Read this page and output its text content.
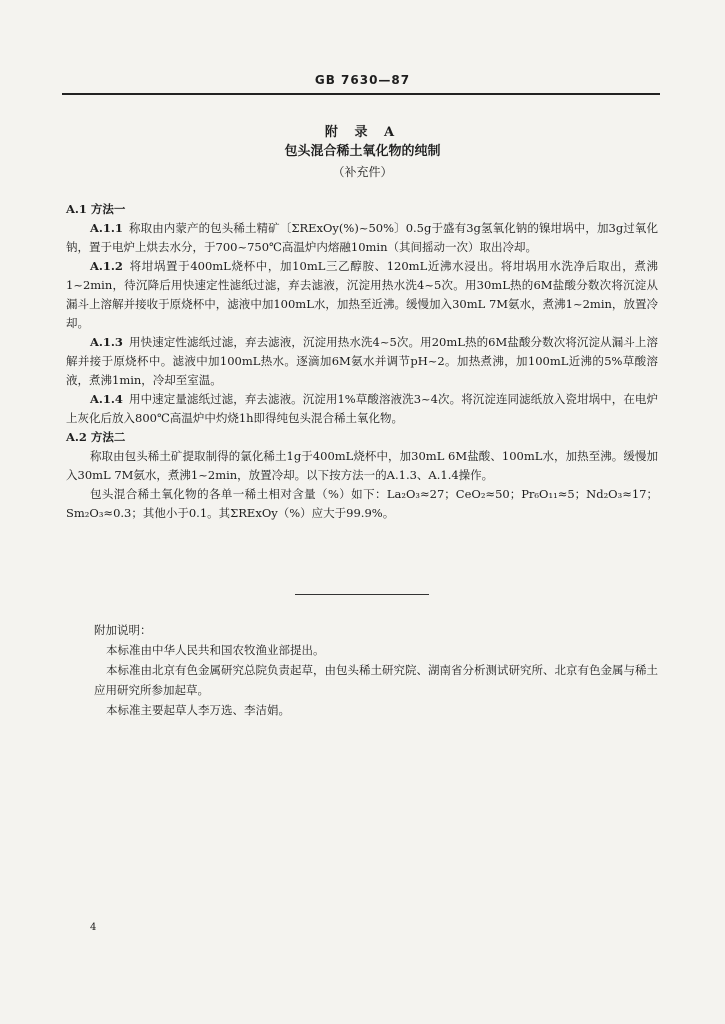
GB 7630—87
附 录 A
包头混合稀土氧化物的纯制
（补充件）

A.1 方法一

A.1.1 称取由内蒙产的包头稀土精矿〔ΣRExOy(%)~50%〕0.5g于盛有3g氢氧化钠的镍坩埚中，加3g过氧化钠，置于电炉上烘去水分，于700~750℃高温炉内熔融10min（其间摇动一次）取出冷却。

A.1.2 将坩埚置于400mL烧杯中，加10mL三乙醇胺、120mL近沸水浸出。将坩埚用水洗净后取出，煮沸1~2min，待沉降后用快速定性滤纸过滤，弃去滤液，沉淀用热水洗4~5次。用30mL热的6M盐酸分数次将沉淀从漏斗上溶解并接收于原烧杯中，滤液中加100mL水，加热至近沸。缓慢加入30mL 7M氨水，煮沸1~2min，放置冷却。

A.1.3 用快速定性滤纸过滤，弃去滤液，沉淀用热水洗4~5次。用20mL热的6M盐酸分数次将沉淀从漏斗上溶解并接于原烧杯中。滤液中加100mL热水。逐滴加6M氨水并调节pH~2。加热煮沸，加100mL近沸的5%草酸溶液，煮沸1min，冷却至室温。

A.1.4 用中速定量滤纸过滤，弃去滤液。沉淀用1%草酸溶液洗3~4次。将沉淀连同滤纸放入瓷坩埚中，在电炉上灰化后放入800℃高温炉中灼烧1h即得纯包头混合稀土氧化物。

A.2 方法二

称取由包头稀土矿提取制得的氯化稀土1g于400mL烧杯中，加30mL 6M盐酸、100mL水，加热至沸。缓慢加入30mL 7M氨水，煮沸1~2min，放置冷却。以下按方法一的A.1.3、A.1.4操作。

包头混合稀土氧化物的各单一稀土相对含量（%）如下：La₂O₃≈27；CeO₂≈50；Pr₆O₁₁≈5；Nd₂O₃≈17；Sm₂O₃≈0.3；其他小于0.1。其ΣRExOy（%）应大于99.9%。

附加说明：

本标准由中华人民共和国农牧渔业部提出。

本标准由北京有色金属研究总院负责起草，由包头稀土研究院、湖南省分析测试研究所、北京有色金属与稀土应用研究所参加起草。

本标准主要起草人李万选、李洁娟。

4
